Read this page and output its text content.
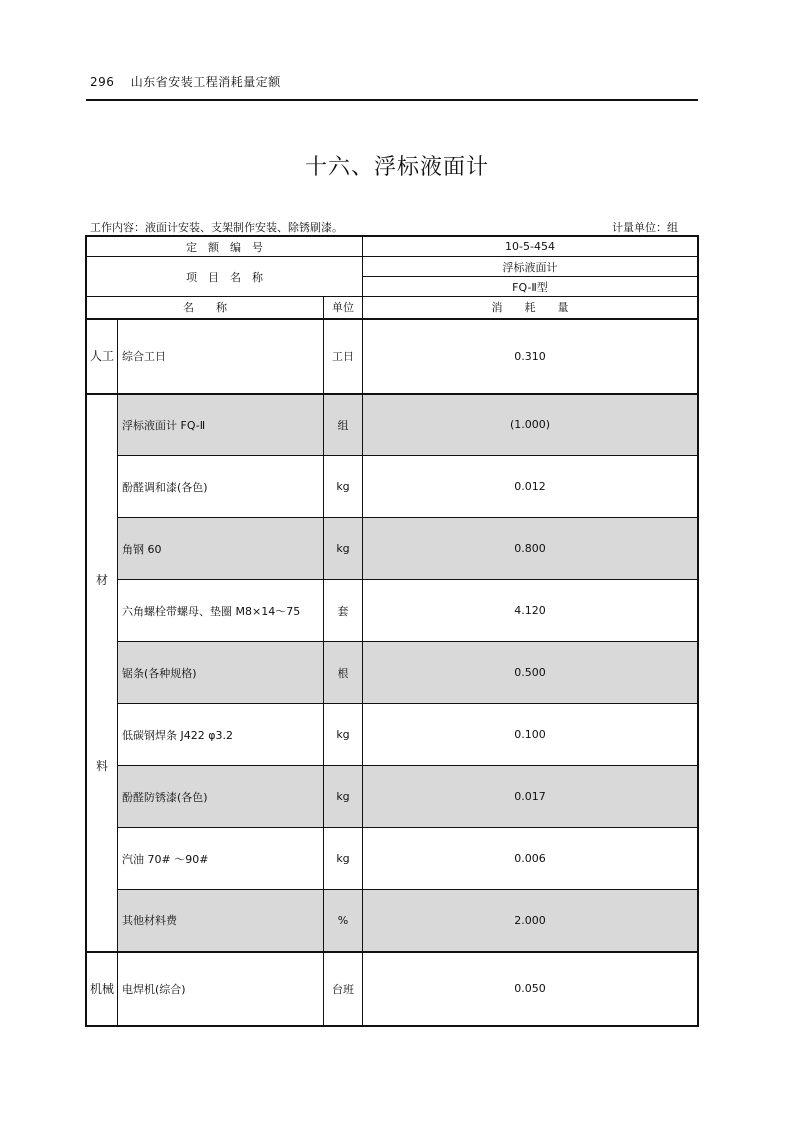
296 山东省安装工程消耗量定额
十六、浮标液面计
工作内容：液面计安装、支架制作安装、除锈刷漆。	计量单位：组
定　额　编　号			10-5-454
项　目　名　称			浮标液面计
			FQ-Ⅱ型
名　　称		单位	消　　耗　　量
人工	综合工日	工日	0.310

材
料	浮标液面计 FQ-Ⅱ	组	(1.000)
	酚醛调和漆(各色)	kg	0.012
	角钢 60	kg	0.800
	六角螺栓带螺母、垫圈 M8×14～75	套	4.120
	锯条(各种规格)	根	0.500
	低碳钢焊条 J422 φ3.2	kg	0.100
	酚醛防锈漆(各色)	kg	0.017
	汽油 70# ～90#	kg	0.006
	其他材料费	%	2.000
机械	电焊机(综合)	台班	0.050
